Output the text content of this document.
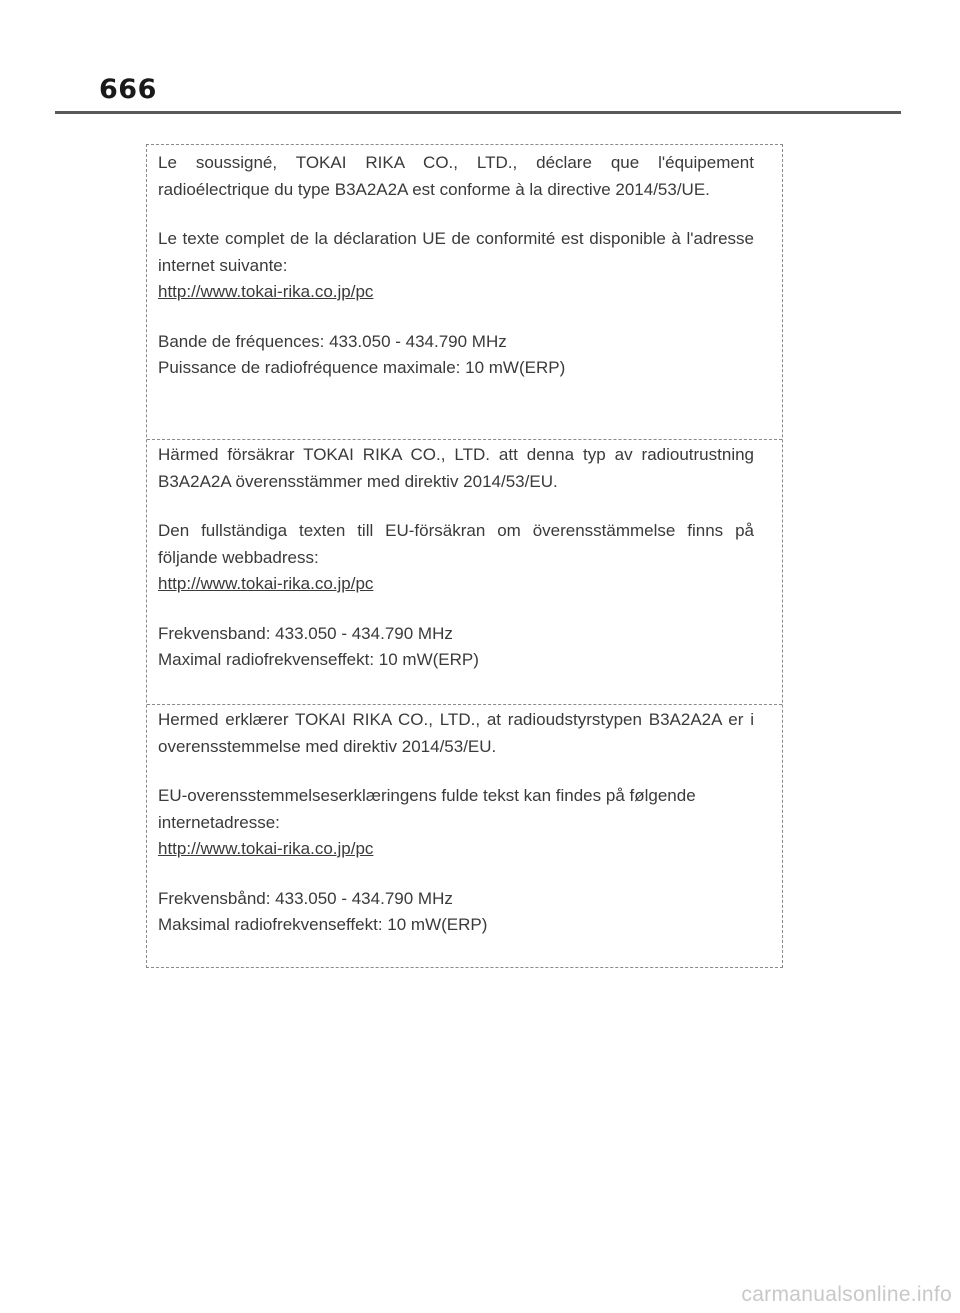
666

Le soussigné, TOKAI RIKA CO., LTD., déclare que l'équipement radioélectrique du type B3A2A2A est conforme à la directive 2014/53/UE.

Le texte complet de la déclaration UE de conformité est disponible à l'adresse internet suivante:

http://www.tokai-rika.co.jp/pc

Bande de fréquences: 433.050 - 434.790 MHz

Puissance de radiofréquence maximale: 10 mW(ERP)

Härmed försäkrar TOKAI RIKA CO., LTD. att denna typ av radioutrustning B3A2A2A överensstämmer med direktiv 2014/53/EU.

Den fullständiga texten till EU-försäkran om överensstämmelse finns på följande webbadress:

http://www.tokai-rika.co.jp/pc

Frekvensband: 433.050 - 434.790 MHz

Maximal radiofrekvenseffekt: 10 mW(ERP)

Hermed erklærer TOKAI RIKA CO., LTD., at radioudstyrstypen B3A2A2A er i overensstemmelse med direktiv 2014/53/EU.

EU-overensstemmelseserklæringens fulde tekst kan findes på følgende internetadresse:

http://www.tokai-rika.co.jp/pc

Frekvensbånd: 433.050 - 434.790 MHz

Maksimal radiofrekvenseffekt: 10 mW(ERP)

carmanualsonline.info
